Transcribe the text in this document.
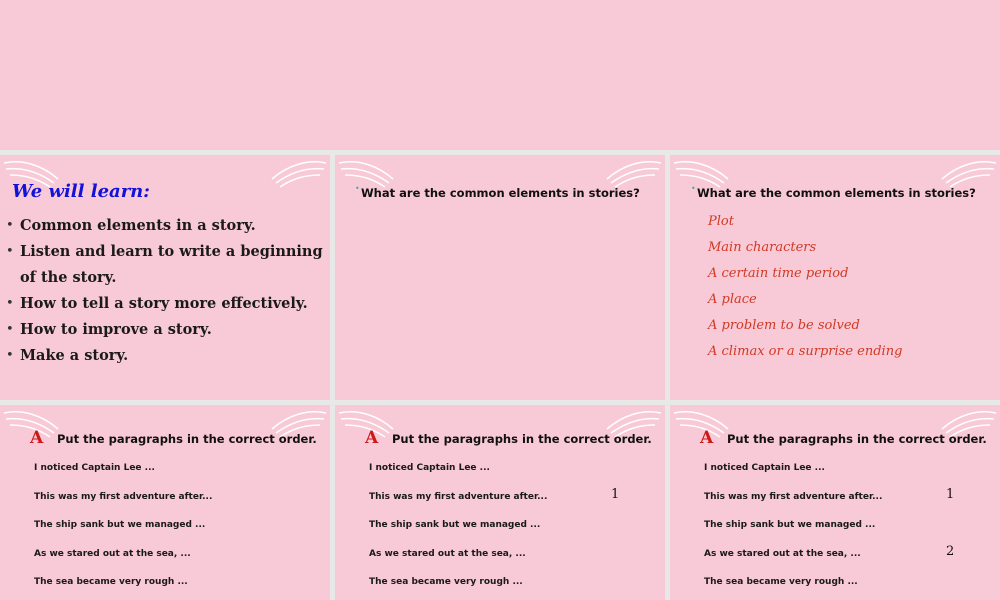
We will learn:
• Common elements in a story.
• Listen and learn to write a beginning
of the story.
• How to tell a story more effectively.
• How to improve a story.
• Make a story.
• What are the common elements in stories?	• What are the common elements in stories?
Plot
Main characters
A certain time period
A place
A problem to be solved
A climax or a surprise ending
A Put the paragraphs in the correct order.
I noticed Captain Lee ...
This was my first adventure after...
The ship sank but we managed ...
As we stared out at the sea, ...
The sea became very rough ...
A Put the paragraphs in the correct order.
I noticed Captain Lee ...
This was my first adventure after...
The ship sank but we managed ...
As we stared out at the sea, ...
The sea became very rough ...
1
A Put the paragraphs in the correct order.
I noticed Captain Lee ...
This was my first adventure after...
The ship sank but we managed ...
As we stared out at the sea, ...
The sea became very rough ...
1
2
